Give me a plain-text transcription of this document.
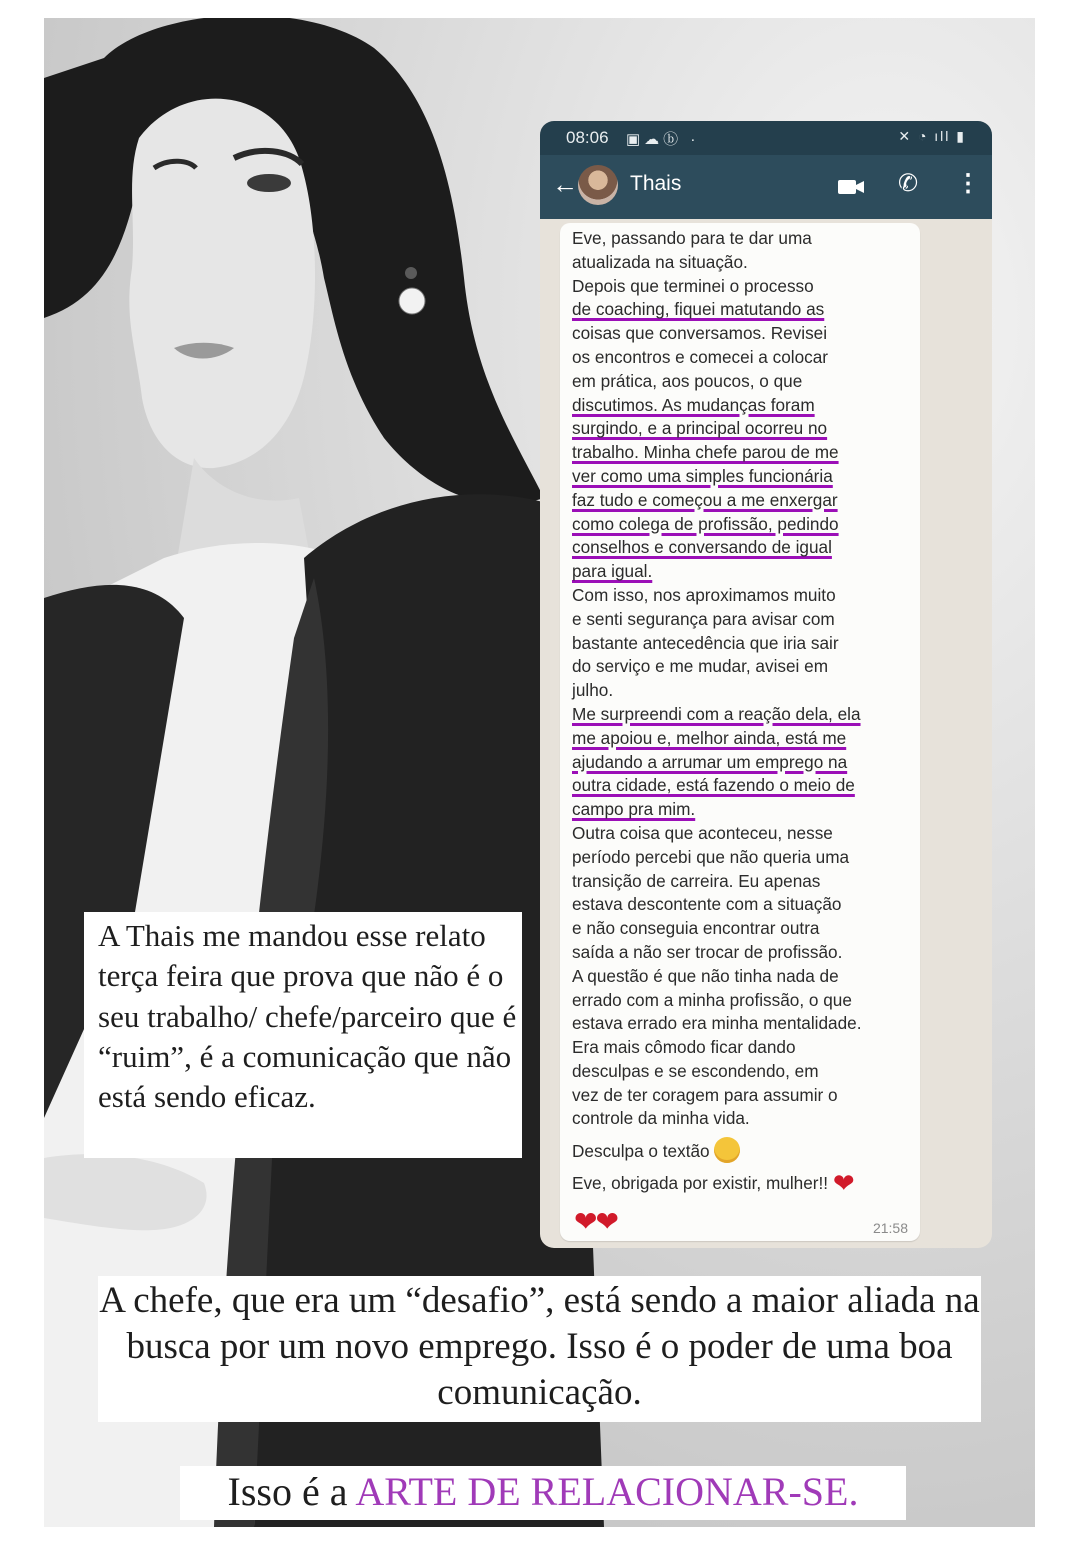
08:06 ▣☁ⓑ ·	✕ ◔ ıll ▮
← Thais	✆ ⋮
Eve, passando para te dar uma
atualizada na situação.
Depois que terminei o processo
de coaching, fiquei matutando as
coisas que conversamos. Revisei
os encontros e comecei a colocar
em prática, aos poucos, o que
discutimos. As mudanças foram
surgindo, e a principal ocorreu no
trabalho. Minha chefe parou de me
ver como uma simples funcionária
faz tudo e começou a me enxergar
como colega de profissão, pedindo
conselhos e conversando de igual
para igual.
Com isso, nos aproximamos muito
e senti segurança para avisar com
bastante antecedência que iria sair
do serviço e me mudar, avisei em
julho.
Me surpreendi com a reação dela, ela
me apoiou e, melhor ainda, está me
ajudando a arrumar um emprego na
outra cidade, está fazendo o meio de
campo pra mim.
Outra coisa que aconteceu, nesse
período percebi que não queria uma
transição de carreira. Eu apenas
estava descontente com a situação
e não conseguia encontrar outra
saída a não ser trocar de profissão.
A questão é que não tinha nada de
errado com a minha profissão, o que
estava errado era minha mentalidade.
Era mais cômodo ficar dando
desculpas e se escondendo, em
vez de ter coragem para assumir o
controle da minha vida.
Desculpa o textão
Eve, obrigada por existir, mulher!! ❤
❤❤	21:58
A Thais me mandou esse relato terça feira que prova que não é o seu trabalho/ chefe/parceiro que é “ruim”, é a comunicação que não está sendo eficaz.
A chefe, que era um “desafio”, está sendo a maior aliada na busca por um novo emprego. Isso é o poder de uma boa comunicação.
Isso é a ARTE DE RELACIONAR-SE.
